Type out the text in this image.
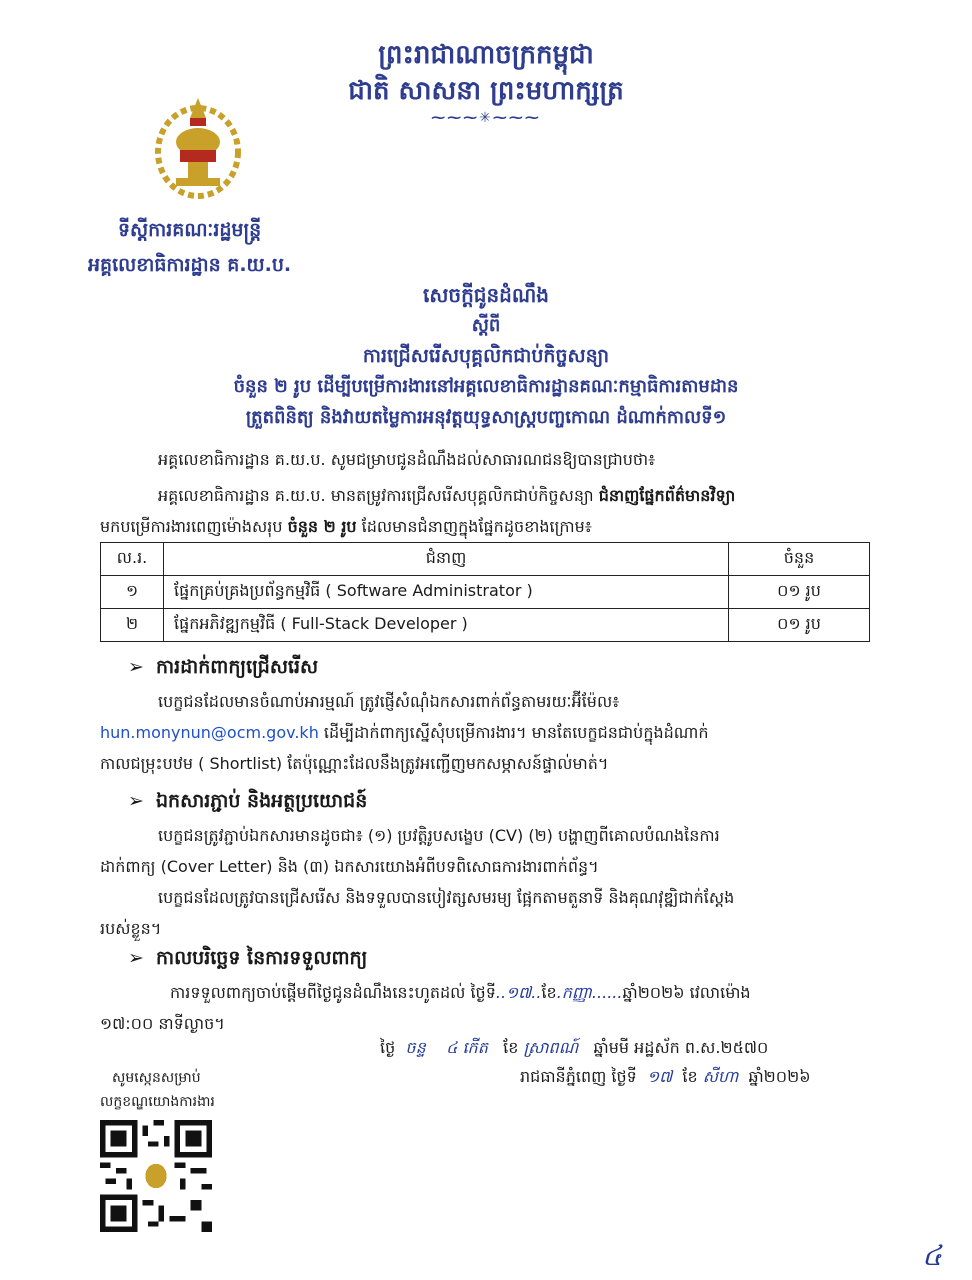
ព្រះរាជាណាចក្រកម្ពុជា
ជាតិ សាសនា ព្រះមហាក្សត្រ
⁓⁓⁓✳⁓⁓⁓
ទីស្ដីការគណៈរដ្ឋមន្ត្រី
អគ្គលេខាធិការដ្ឋាន គ.យ.ប.
សេចក្ដីជូនដំណឹង
ស្ដីពី
ការជ្រើសរើសបុគ្គលិកជាប់កិច្ចសន្យា
ចំនួន ២ រូប ដើម្បីបម្រើការងារនៅអគ្គលេខាធិការដ្ឋានគណៈកម្មាធិការតាមដាន
ត្រួតពិនិត្យ និងវាយតម្លៃការអនុវត្តយុទ្ធសាស្ត្របញ្ចកោណ ដំណាក់កាលទី១
អគ្គលេខាធិការដ្ឋាន គ.យ.ប. សូមជម្រាបជូនដំណឹងដល់សាធារណជនឱ្យបានជ្រាបថា៖
អគ្គលេខាធិការដ្ឋាន គ.យ.ប. មានតម្រូវការជ្រើសរើសបុគ្គលិកជាប់កិច្ចសន្យា ជំនាញផ្នែកព័ត៌មានវិទ្យា
មកបម្រើការងារពេញម៉ោងសរុប ចំនួន ២ រូប ដែលមានជំនាញក្នុងផ្នែកដូចខាងក្រោម៖
ល.រ.	ជំនាញ	ចំនួន
១	ផ្នែកគ្រប់គ្រងប្រព័ន្ធកម្មវិធី ( Software Administrator )	០១ រូប
២	ផ្នែកអភិវឌ្ឍកម្មវិធី ( Full-Stack Developer )	០១ រូប
➢ ការដាក់ពាក្យជ្រើសរើស
បេក្ខជនដែលមានចំណាប់អារម្មណ៍ ត្រូវផ្ញើសំណុំឯកសារពាក់ព័ន្ធតាមរយៈអ៊ីម៉ែល៖
hun.monynun@ocm.gov.kh ដើម្បីដាក់ពាក្យស្នើសុំបម្រើការងារ។ មានតែបេក្ខជនជាប់ក្នុងដំណាក់
កាលជម្រុះបឋម ( Shortlist) តែប៉ុណ្ណោះដែលនឹងត្រូវអញ្ជើញមកសម្ភាសន៍ផ្ទាល់មាត់។
➢ ឯកសារភ្ជាប់ និងអត្ថប្រយោជន៍
បេក្ខជនត្រូវភ្ជាប់ឯកសារមានដូចជា៖ (១) ប្រវត្តិរូបសង្ខេប (CV) (២) បង្ហាញពីគោលបំណងនៃការ
ដាក់ពាក្យ (Cover Letter) និង (៣) ឯកសារយោងអំពីបទពិសោធការងារពាក់ព័ន្ធ។
បេក្ខជនដែលត្រូវបានជ្រើសរើស និងទទួលបានបៀវត្សសមរម្យ ផ្អែកតាមតួនាទី និងគុណវុឌ្ឍិជាក់ស្តែង
របស់ខ្លួន។
➢ កាលបរិច្ឆេទ នៃការទទួលពាក្យ
ការទទួលពាក្យចាប់ផ្ដើមពីថ្ងៃជូនដំណឹងនេះហូតដល់ ថ្ងៃទី..១៧..ខែ.កញ្ញា......ឆ្នាំ២០២៦ វេលាម៉ោង
១៧:០០ នាទីល្ងាច។
ថ្ងៃ ចន្ទ ៤ កើត ខែ ស្រាពណ៍ ឆ្នាំមមី អដ្ឋស័ក ព.ស.២៥៧០
រាជធានីភ្នំពេញ ថ្ងៃទី ១៧ ខែ សីហា ឆ្នាំ២០២៦
សូមស្កេនសម្រាប់
លក្ខខណ្ឌយោងការងារ
៤
